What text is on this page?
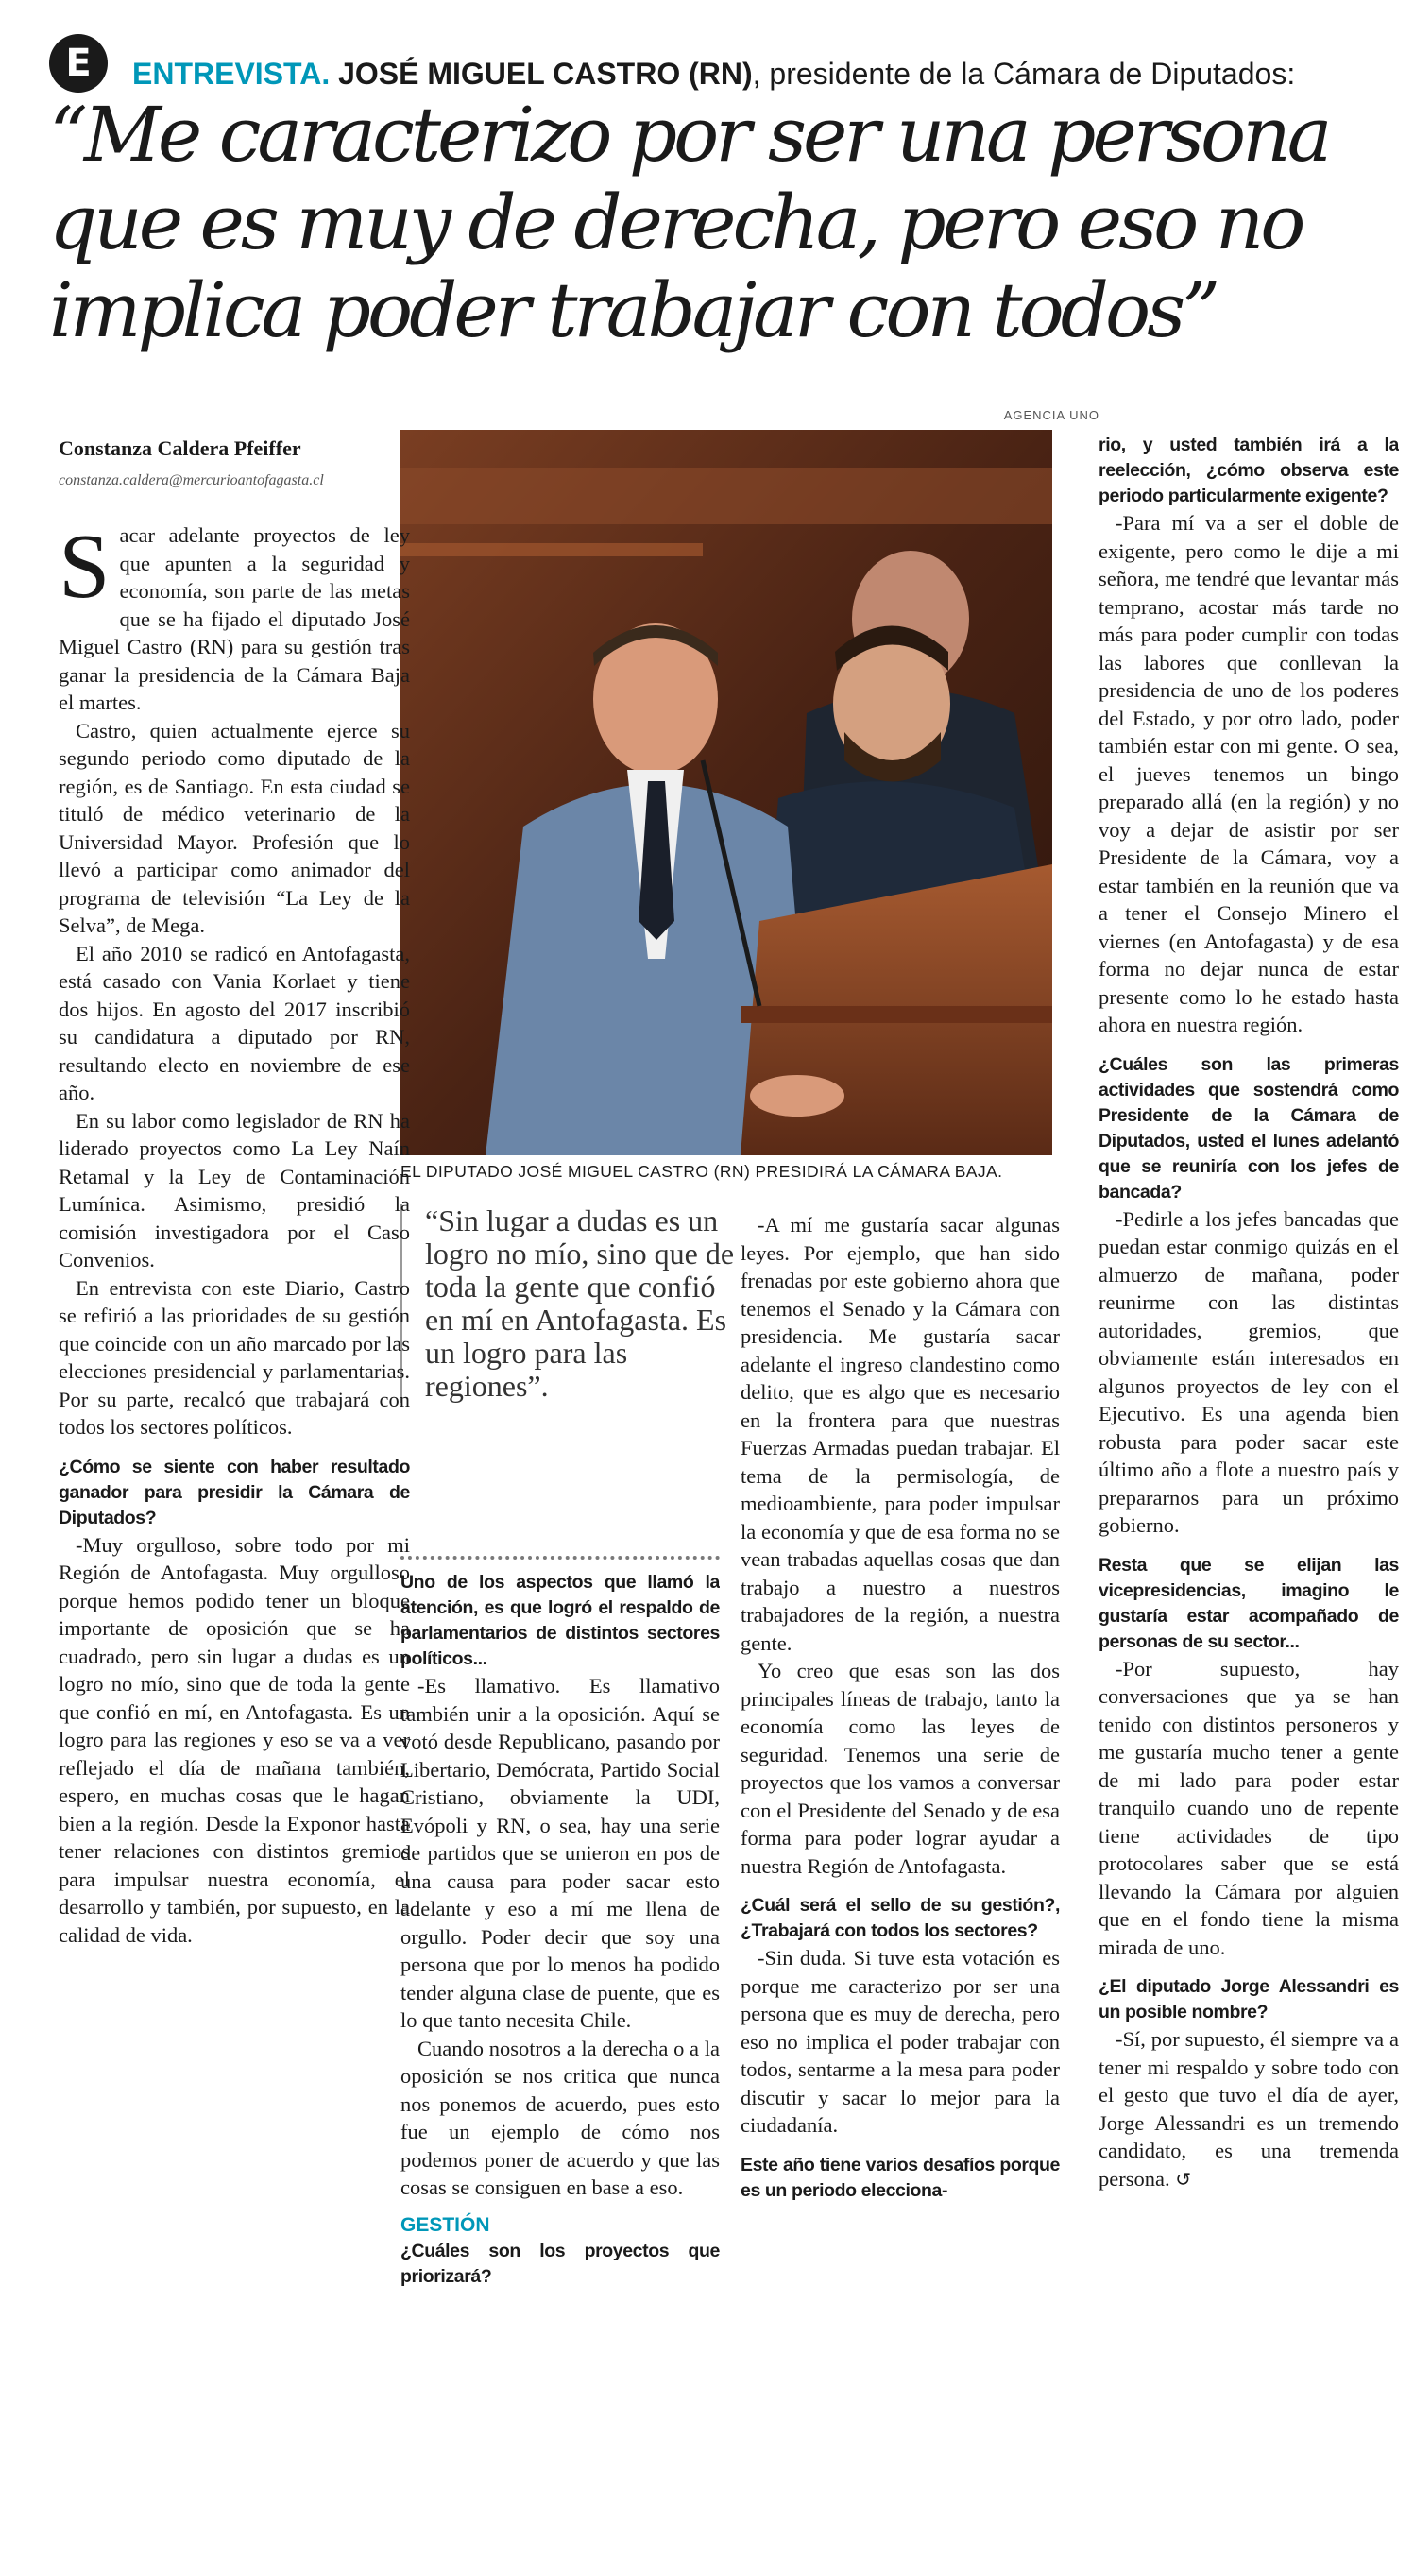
E	ENTREVISTA. JOSÉ MIGUEL CASTRO (RN), presidente de la Cámara de Diputados:
“Me caracterizo por ser una persona que es muy de derecha, pero eso no implica poder trabajar con todos”
Constanza Caldera Pfeiffer
constanza.caldera@mercurioantofagasta.cl
AGENCIA UNO
EL DIPUTADO JOSÉ MIGUEL CASTRO (RN) PRESIDIRÁ LA CÁMARA BAJA.
“Sin lugar a dudas es un logro no mío, sino que de toda la gente que confió en mí en Antofagasta. Es un logro para las regiones”.

Sacar adelante proyectos de ley que apunten a la seguridad y economía, son parte de las metas que se ha fijado el diputado José Miguel Castro (RN) para su gestión tras ganar la presidencia de la Cámara Baja el martes.

Castro, quien actualmente ejerce su segundo periodo como diputado de la región, es de Santiago. En esta ciudad se tituló de médico veterinario de la Universidad Mayor. Profesión que lo llevó a participar como animador del programa de televisión “La Ley de la Selva”, de Mega.

El año 2010 se radicó en Antofagasta, está casado con Vania Korlaet y tiene dos hijos. En agosto del 2017 inscribió su candidatura a diputado por RN, resultando electo en noviembre de ese año.

En su labor como legislador de RN ha liderado proyectos como La Ley Naín Retamal y la Ley de Contaminación Lumínica. Asimismo, presidió la comisión investigadora por el Caso Convenios.

En entrevista con este Diario, Castro se refirió a las prioridades de su gestión que coincide con un año marcado por las elecciones presidencial y parlamentarias. Por su parte, recalcó que trabajará con todos los sectores políticos.

¿Cómo se siente con haber resultado ganador para presidir la Cámara de Diputados?

-Muy orgulloso, sobre todo por mi Región de Antofagasta. Muy orgulloso porque hemos podido tener un bloque importante de oposición que se ha cuadrado, pero sin lugar a dudas es un logro no mío, sino que de toda la gente que confió en mí, en Antofagasta. Es un logro para las regiones y eso se va a ver reflejado el día de mañana también, espero, en muchas cosas que le hagan bien a la región. Desde la Exponor hasta tener relaciones con distintos gremios para impulsar nuestra economía, el desarrollo y también, por supuesto, en la calidad de vida.

Uno de los aspectos que llamó la atención, es que logró el respaldo de parlamentarios de distintos sectores políticos...

-Es llamativo. Es llamativo también unir a la oposición. Aquí se votó desde Republicano, pasando por Libertario, Demócrata, Partido Social Cristiano, obviamente la UDI, Evópoli y RN, o sea, hay una serie de partidos que se unieron en pos de una causa para poder sacar esto adelante y eso a mí me llena de orgullo. Poder decir que soy una persona que por lo menos ha podido tender alguna clase de puente, que es lo que tanto necesita Chile.

Cuando nosotros a la derecha o a la oposición se nos critica que nunca nos ponemos de acuerdo, pues esto fue un ejemplo de cómo nos podemos poner de acuerdo y que las cosas se consiguen en base a eso.

GESTIÓN

¿Cuáles son los proyectos que priorizará?

-A mí me gustaría sacar algunas leyes. Por ejemplo, que han sido frenadas por este gobierno ahora que tenemos el Senado y la Cámara con presidencia. Me gustaría sacar adelante el ingreso clandestino como delito, que es algo que es necesario en la frontera para que nuestras Fuerzas Armadas puedan trabajar. El tema de la permisología, de medioambiente, para poder impulsar la economía y que de esa forma no se vean trabadas aquellas cosas que dan trabajo a nuestro a nuestros trabajadores de la región, a nuestra gente.

Yo creo que esas son las dos principales líneas de trabajo, tanto la economía como las leyes de seguridad. Tenemos una serie de proyectos que los vamos a conversar con el Presidente del Senado y de esa forma para poder lograr ayudar a nuestra Región de Antofagasta.

¿Cuál será el sello de su gestión?, ¿Trabajará con todos los sectores?

-Sin duda. Si tuve esta votación es porque me caracterizo por ser una persona que es muy de derecha, pero eso no implica el poder trabajar con todos, sentarme a la mesa para poder discutir y sacar lo mejor para la ciudadanía.

Este año tiene varios desafíos porque es un periodo elecciona-

rio, y usted también irá a la reelección, ¿cómo observa este periodo particularmente exigente?

-Para mí va a ser el doble de exigente, pero como le dije a mi señora, me tendré que levantar más temprano, acostar más tarde no más para poder cumplir con todas las labores que conllevan la presidencia de uno de los poderes del Estado, y por otro lado, poder también estar con mi gente. O sea, el jueves tenemos un bingo preparado allá (en la región) y no voy a dejar de asistir por ser Presidente de la Cámara, voy a estar también en la reunión que va a tener el Consejo Minero el viernes (en Antofagasta) y de esa forma no dejar nunca de estar presente como lo he estado hasta ahora en nuestra región.

¿Cuáles son las primeras actividades que sostendrá como Presidente de la Cámara de Diputados, usted el lunes adelantó que se reuniría con los jefes de bancada?

-Pedirle a los jefes bancadas que puedan estar conmigo quizás en el almuerzo de mañana, poder reunirme con las distintas autoridades, gremios, que obviamente están interesados en algunos proyectos de ley con el Ejecutivo. Es una agenda bien robusta para poder sacar este último año a flote a nuestro país y prepararnos para un próximo gobierno.

Resta que se elijan las vicepresidencias, imagino le gustaría estar acompañado de personas de su sector...

-Por supuesto, hay conversaciones que ya se han tenido con distintos personeros y me gustaría mucho tener a gente de mi lado para poder estar tranquilo cuando uno de repente tiene actividades de tipo protocolares saber que se está llevando la Cámara por alguien que en el fondo tiene la misma mirada de uno.

¿El diputado Jorge Alessandri es un posible nombre?

-Sí, por supuesto, él siempre va a tener mi respaldo y sobre todo con el gesto que tuvo el día de ayer, Jorge Alessandri es un tremendo candidato, es una tremenda persona. ↺
